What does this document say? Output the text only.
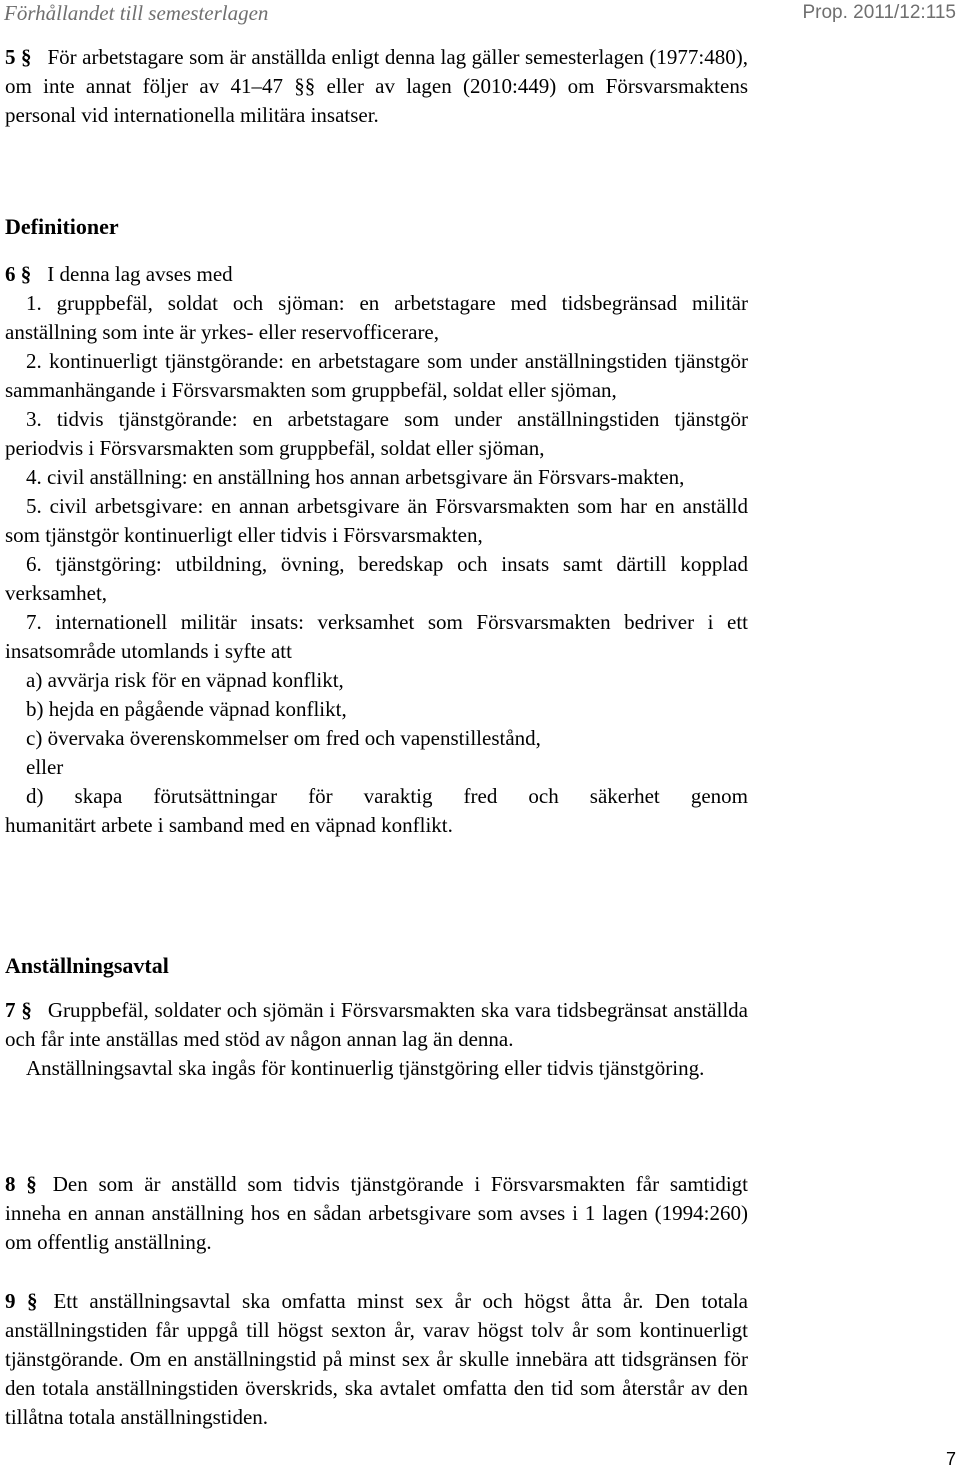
Förhållandet till semesterlagen	Prop. 2011/12:115

5 § För arbetstagare som är anställda enligt denna lag gäller semesterlagen (1977:480), om inte annat följer av 41–47 §§ eller av lagen (2010:449) om Försvarsmaktens personal vid internationella militära insatser.

Definitioner

6 § I denna lag avses med

1. gruppbefäl, soldat och sjöman: en arbetstagare med tidsbegränsad militär anställning som inte är yrkes- eller reservofficerare,

2. kontinuerligt tjänstgörande: en arbetstagare som under anställningstiden tjänstgör sammanhängande i Försvarsmakten som gruppbefäl, soldat eller sjöman,

3. tidvis tjänstgörande: en arbetstagare som under anställningstiden tjänstgör periodvis i Försvarsmakten som gruppbefäl, soldat eller sjöman,

4. civil anställning: en anställning hos annan arbetsgivare än Försvars-makten,

5. civil arbetsgivare: en annan arbetsgivare än Försvarsmakten som har en anställd som tjänstgör kontinuerligt eller tidvis i Försvarsmakten,

6. tjänstgöring: utbildning, övning, beredskap och insats samt därtill kopplad verksamhet,

7. internationell militär insats: verksamhet som Försvarsmakten bedriver i ett insatsområde utomlands i syfte att

a) avvärja risk för en väpnad konflikt,

b) hejda en pågående väpnad konflikt,

c) övervaka överenskommelser om fred och vapenstillestånd,

eller

d) skapa förutsättningar för varaktig fred och säkerhet genom

humanitärt arbete i samband med en väpnad konflikt.

Anställningsavtal

7 § Gruppbefäl, soldater och sjömän i Försvarsmakten ska vara tidsbegränsat anställda och får inte anställas med stöd av någon annan lag än denna.

Anställningsavtal ska ingås för kontinuerlig tjänstgöring eller tidvis tjänstgöring.

8 § Den som är anställd som tidvis tjänstgörande i Försvarsmakten får samtidigt inneha en annan anställning hos en sådan arbetsgivare som avses i 1 lagen (1994:260) om offentlig anställning.

9 § Ett anställningsavtal ska omfatta minst sex år och högst åtta år. Den totala anställningstiden får uppgå till högst sexton år, varav högst tolv år som kontinuerligt tjänstgörande. Om en anställningstid på minst sex år skulle innebära att tidsgränsen för den totala anställningstiden överskrids, ska avtalet omfatta den tid som återstår av den tillåtna totala anställningstiden.

7
